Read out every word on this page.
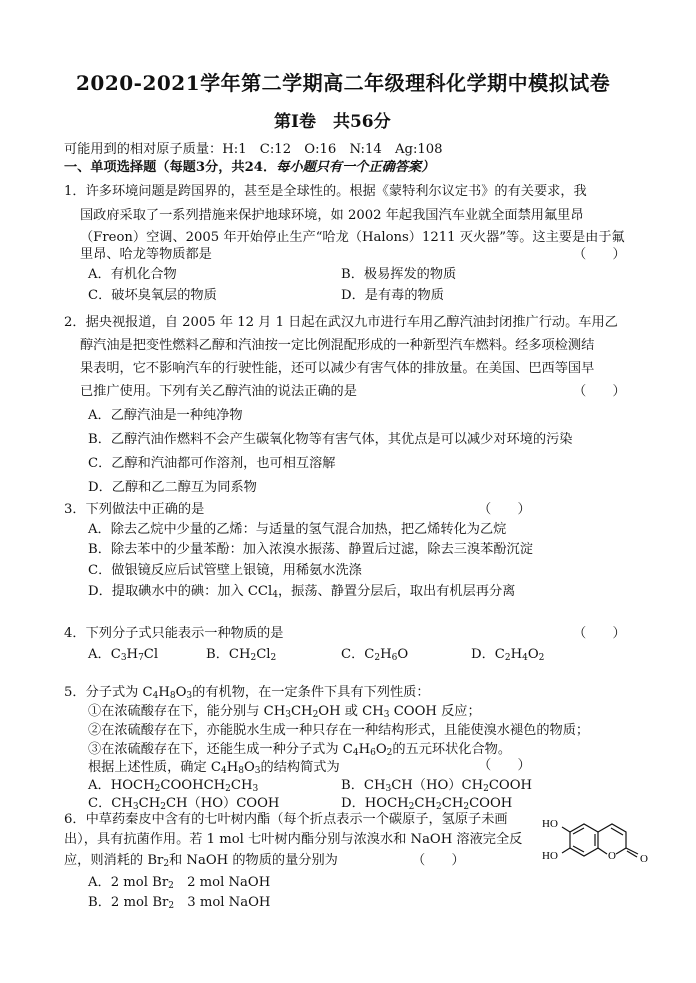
2020-2021学年第二学期高二年级理科化学期中模拟试卷
第Ⅰ卷　共56分
可能用到的相对原子质量：H:1　C:12　O:16　N:14　Ag:108
一、单项选择题（每题3分，共24．每小题只有一个正确答案）
1．许多环境问题是跨国界的，甚至是全球性的。根据《蒙特利尔议定书》的有关要求，我
国政府采取了一系列措施来保护地球环境，如 2002 年起我国汽车业就全面禁用氟里昂
（Freon）空调、2005 年开始停止生产“哈龙（Halons）1211 灭火器”等。这主要是由于氟
里昂、哈龙等物质都是	（　　）
A．有机化合物	B．极易挥发的物质
C．破坏臭氧层的物质	D．是有毒的物质
2．据央视报道，自 2005 年 12 月 1 日起在武汉九市进行车用乙醇汽油封闭推广行动。车用乙
醇汽油是把变性燃料乙醇和汽油按一定比例混配形成的一种新型汽车燃料。经多项检测结
果表明，它不影响汽车的行驶性能，还可以减少有害气体的排放量。在美国、巴西等国早
已推广使用。下列有关乙醇汽油的说法正确的是	（　　）
A．乙醇汽油是一种纯净物
B．乙醇汽油作燃料不会产生碳氧化物等有害气体，其优点是可以减少对环境的污染
C．乙醇和汽油都可作溶剂，也可相互溶解
D．乙醇和乙二醇互为同系物
3．下列做法中正确的是	（　　）
A．除去乙烷中少量的乙烯：与适量的氢气混合加热，把乙烯转化为乙烷
B．除去苯中的少量苯酚：加入浓溴水振荡、静置后过滤，除去三溴苯酚沉淀
C．做银镜反应后试管壁上银镜，用稀氨水洗涤
D．提取碘水中的碘：加入 CCl$_4$，振荡、静置分层后，取出有机层再分离
4．下列分子式只能表示一种物质的是	（　　）
A．$C_3H_7Cl$	B．$CH_2Cl_2$	C．$C_2H_6O$	D．$C_2H_4O_2$
5．分子式为 $C_4H_8O_3$的有机物，在一定条件下具有下列性质：
①在浓硫酸存在下，能分别与 $CH_3CH_2OH$ 或 $CH_3$ COOH 反应；
②在浓硫酸存在下，亦能脱水生成一种只存在一种结构形式，且能使溴水褪色的物质；
③在浓硫酸存在下，还能生成一种分子式为 $C_4H_6O_2$的五元环状化合物。
根据上述性质，确定 $C_4H_8O_3$的结构简式为	（　　）
A．$HOCH_2COOHCH_2CH_3$	B．$CH_3CH(HO)CH_2COOH$
C．$CH_3CH_2CH(HO)COOH$	D．$HOCH_2CH_2CH_2COOH$
6．中草药秦皮中含有的七叶树内酯（每个折点表示一个碳原子，氢原子未画
出），具有抗菌作用。若 1 mol 七叶树内酯分别与浓溴水和 NaOH 溶液完全反
应，则消耗的 $Br_2$和 NaOH 的物质的量分别为	（　　）
A．2 mol $Br_2$　2 mol NaOH
B．2 mol $Br_2$　3 mol NaOH
HO
HO	O O
